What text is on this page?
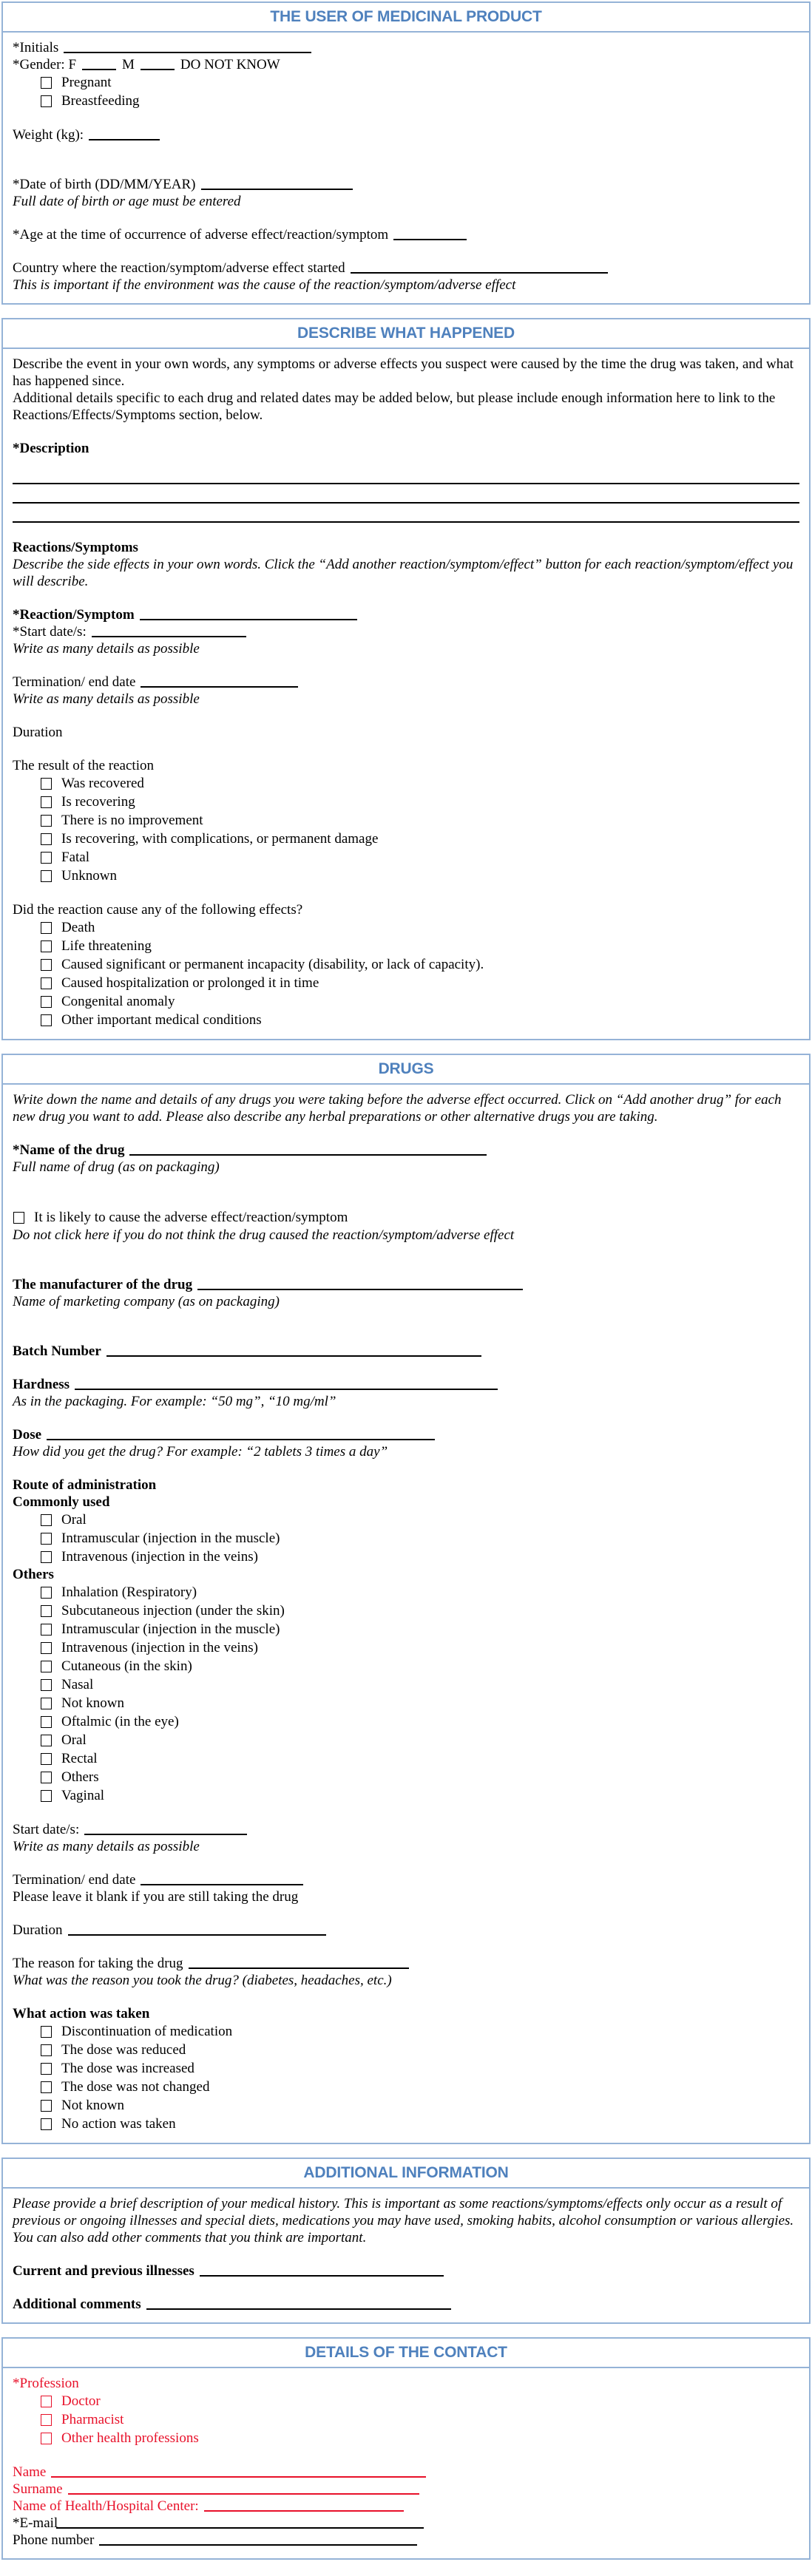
THE USER OF MEDICINAL PRODUCT

*Initials

*Gender: F	M	DO NOT KNOW

Pregnant
Breastfeeding

Weight (kg):

*Date of birth (DD/MM/YEAR)

Full date of birth or age must be entered

*Age at the time of occurrence of adverse effect/reaction/symptom

Country where the reaction/symptom/adverse effect started

This is important if the environment was the cause of the reaction/symptom/adverse effect

DESCRIBE WHAT HAPPENED

Describe the event in your own words, any symptoms or adverse effects you suspect were caused by the time the drug was taken, and what has happened since.

Additional details specific to each drug and related dates may be added below, but please include enough information here to link to the Reactions/Effects/Symptoms section, below.

*Description

Reactions/Symptoms

Describe the side effects in your own words. Click the “Add another reaction/symptom/effect” button for each reaction/symptom/effect you will describe.

*Reaction/Symptom

*Start date/s:

Write as many details as possible

Termination/ end date

Write as many details as possible

Duration

The result of the reaction

Was recovered
Is recovering
There is no improvement
Is recovering, with complications, or permanent damage
Fatal
Unknown

Did the reaction cause any of the following effects?

Death
Life threatening
Caused significant or permanent incapacity (disability, or lack of capacity).
Caused hospitalization or prolonged it in time
Congenital anomaly
Other important medical conditions
DRUGS

Write down the name and details of any drugs you were taking before the adverse effect occurred. Click on “Add another drug” for each new drug you want to add. Please also describe any herbal preparations or other alternative drugs you are taking.

*Name of the drug

Full name of drug (as on packaging)

It is likely to cause the adverse effect/reaction/symptom

Do not click here if you do not think the drug caused the reaction/symptom/adverse effect

The manufacturer of the drug

Name of marketing company (as on packaging)

Batch Number

Hardness

As in the packaging. For example: “50 mg”, “10 mg/ml”

Dose

How did you get the drug? For example: “2 tablets 3 times a day”

Route of administration

Commonly used

Oral
Intramuscular (injection in the muscle)
Intravenous (injection in the veins)

Others

Inhalation (Respiratory)
Subcutaneous injection (under the skin)
Intramuscular (injection in the muscle)
Intravenous (injection in the veins)
Cutaneous (in the skin)
Nasal
Not known
Oftalmic (in the eye)
Oral
Rectal
Others
Vaginal

Start date/s:

Write as many details as possible

Termination/ end date

Please leave it blank if you are still taking the drug

Duration

The reason for taking the drug

What was the reason you took the drug? (diabetes, headaches, etc.)

What action was taken

Discontinuation of medication
The dose was reduced
The dose was increased
The dose was not changed
Not known
No action was taken
ADDITIONAL INFORMATION

Please provide a brief description of your medical history. This is important as some reactions/symptoms/effects only occur as a result of previous or ongoing illnesses and special diets, medications you may have used, smoking habits, alcohol consumption or various allergies. You can also add other comments that you think are important.

Current and previous illnesses

Additional comments

DETAILS OF THE CONTACT

*Profession

Doctor
Pharmacist
Other health professions

Name

Surname

Name of Health/Hospital Center:

*E-mail

Phone number
